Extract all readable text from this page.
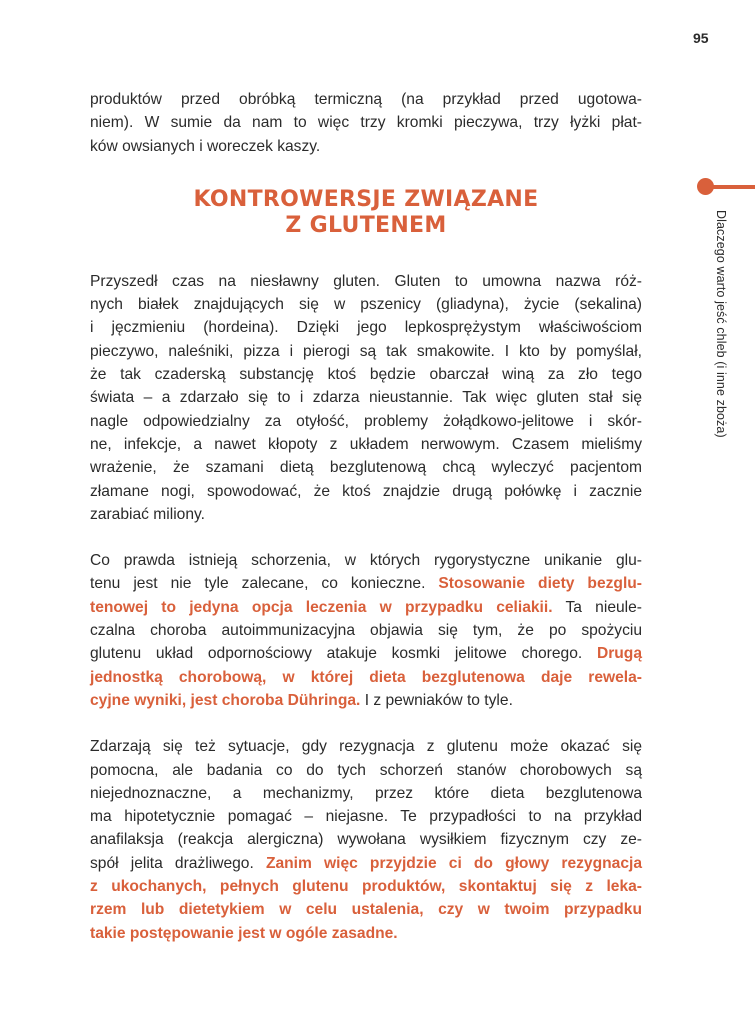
95
Dlaczego warto jeść chleb (i inne zboża)

produktów przed obróbką termiczną (na przykład przed ugotowa-
niem). W sumie da nam to więc trzy kromki pieczywa, trzy łyżki płat-
ków owsianych i woreczek kaszy.

KONTROWERSJE ZWIĄZANE
Z GLUTENEM

Przyszedł czas na niesławny gluten. Gluten to umowna nazwa róż-
nych białek znajdujących się w pszenicy (gliadyna), życie (sekalina)
i jęczmieniu (hordeina). Dzięki jego lepkosprężystym właściwościom
pieczywo, naleśniki, pizza i pierogi są tak smakowite. I kto by pomyślał,
że tak czaderską substancję ktoś będzie obarczał winą za zło tego
świata – a zdarzało się to i zdarza nieustannie. Tak więc gluten stał się
nagle odpowiedzialny za otyłość, problemy żołądkowo-jelitowe i skór-
ne, infekcje, a nawet kłopoty z układem nerwowym. Czasem mieliśmy
wrażenie, że szamani dietą bezglutenową chcą wyleczyć pacjentom
złamane nogi, spowodować, że ktoś znajdzie drugą połówkę i zacznie
zarabiać miliony.

Co prawda istnieją schorzenia, w których rygorystyczne unikanie glu-
tenu jest nie tyle zalecane, co konieczne. Stosowanie diety bezglu-
tenowej to jedyna opcja leczenia w przypadku celiakii. Ta nieule-
czalna choroba autoimmunizacyjna objawia się tym, że po spożyciu
glutenu układ odpornościowy atakuje kosmki jelitowe chorego. Drugą
jednostką chorobową, w której dieta bezglutenowa daje rewela-
cyjne wyniki, jest choroba Dühringa. I z pewniaków to tyle.

Zdarzają się też sytuacje, gdy rezygnacja z glutenu może okazać się
pomocna, ale badania co do tych schorzeń stanów chorobowych są
niejednoznaczne, a mechanizmy, przez które dieta bezglutenowa
ma hipotetycznie pomagać – niejasne. Te przypadłości to na przykład
anafilaksja (reakcja alergiczna) wywołana wysiłkiem fizycznym czy ze-
spół jelita drażliwego. Zanim więc przyjdzie ci do głowy rezygnacja
z ukochanych, pełnych glutenu produktów, skontaktuj się z leka-
rzem lub dietetykiem w celu ustalenia, czy w twoim przypadku
takie postępowanie jest w ogóle zasadne.
